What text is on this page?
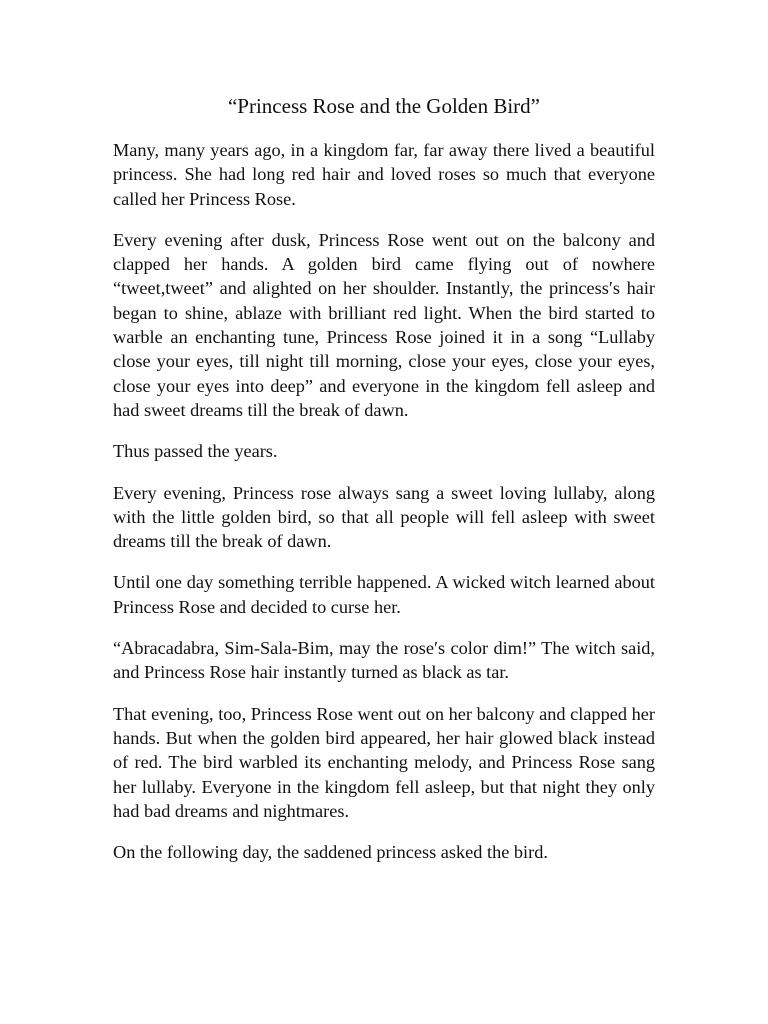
“Princess Rose and the Golden Bird”

Many, many years ago, in a kingdom far, far away there lived a beautiful princess. She had long red hair and loved roses so much that everyone called her Princess Rose.

Every evening after dusk, Princess Rose went out on the balcony and clapped her hands. A golden bird came flying out of nowhere “tweet,tweet” and alighted on her shoulder. Instantly, the princess′s hair began to shine, ablaze with brilliant red light. When the bird started to warble an enchanting tune, Princess Rose joined it in a song “Lullaby close your eyes, till night till morning, close your eyes, close your eyes, close your eyes into deep” and everyone in the kingdom fell asleep and had sweet dreams till the break of dawn.

Thus passed the years.

Every evening, Princess rose always sang a sweet loving lullaby, along with the little golden bird, so that all people will fell asleep with sweet dreams till the break of dawn.

Until one day something terrible happened. A wicked witch learned about Princess Rose and decided to curse her.

“Abracadabra, Sim-Sala-Bim, may the rose′s color dim!” The witch said, and Princess Rose hair instantly turned as black as tar.

That evening, too, Princess Rose went out on her balcony and clapped her hands. But when the golden bird appeared, her hair glowed black instead of red. The bird warbled its enchanting melody, and Princess Rose sang her lullaby. Everyone in the kingdom fell asleep, but that night they only had bad dreams and nightmares.

On the following day, the saddened princess asked the bird.
